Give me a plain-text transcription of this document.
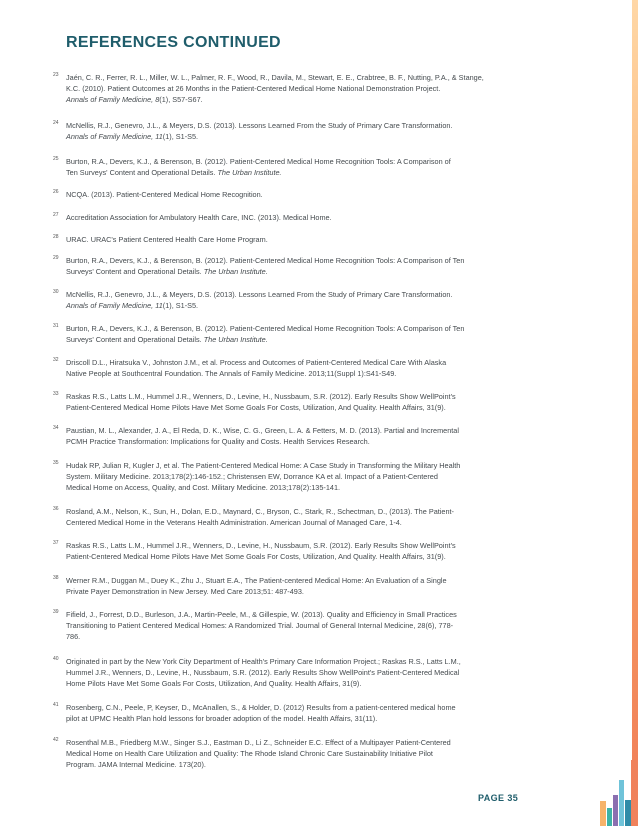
REFERENCES CONTINUED
23 Jaén, C. R., Ferrer, R. L., Miller, W. L., Palmer, R. F., Wood, R., Davila, M., Stewart, E. E., Crabtree, B. F., Nutting, P.A., & Stange,
K.C. (2010). Patient Outcomes at 26 Months in the Patient-Centered Medical Home National Demonstration Project.
Annals of Family Medicine, 8(1), S57-S67.
24 McNellis, R.J., Genevro, J.L., & Meyers, D.S. (2013). Lessons Learned From the Study of Primary Care Transformation.
Annals of Family Medicine, 11(1), S1-S5.
25 Burton, R.A., Devers, K.J., & Berenson, B. (2012). Patient-Centered Medical Home Recognition Tools: A Comparison of
Ten Surveys' Content and Operational Details. The Urban Institute.
26 NCQA. (2013). Patient-Centered Medical Home Recognition.
27 Accreditation Association for Ambulatory Health Care, INC. (2013). Medical Home.
28 URAC. URAC's Patient Centered Health Care Home Program.
29 Burton, R.A., Devers, K.J., & Berenson, B. (2012). Patient-Centered Medical Home Recognition Tools: A Comparison of Ten
Surveys' Content and Operational Details. The Urban Institute.
30 McNellis, R.J., Genevro, J.L., & Meyers, D.S. (2013). Lessons Learned From the Study of Primary Care Transformation.
Annals of Family Medicine, 11(1), S1-S5.
31 Burton, R.A., Devers, K.J., & Berenson, B. (2012). Patient-Centered Medical Home Recognition Tools: A Comparison of Ten
Surveys' Content and Operational Details. The Urban Institute.
32 Driscoll D.L., Hiratsuka V., Johnston J.M., et al. Process and Outcomes of Patient-Centered Medical Care With Alaska
Native People at Southcentral Foundation. The Annals of Family Medicine. 2013;11(Suppl 1):S41-S49.
33 Raskas R.S., Latts L.M., Hummel J.R., Wenners, D., Levine, H., Nussbaum, S.R. (2012). Early Results Show WellPoint's
Patient-Centered Medical Home Pilots Have Met Some Goals For Costs, Utilization, And Quality. Health Affairs, 31(9).
34 Paustian, M. L., Alexander, J. A., El Reda, D. K., Wise, C. G., Green, L. A. & Fetters, M. D. (2013). Partial and Incremental
PCMH Practice Transformation: Implications for Quality and Costs. Health Services Research.
35 Hudak RP, Julian R, Kugler J, et al. The Patient-Centered Medical Home: A Case Study in Transforming the Military Health
System. Military Medicine. 2013;178(2):146-152.; Christensen EW, Dorrance KA et al. Impact of a Patient-Centered
Medical Home on Access, Quality, and Cost. Military Medicine. 2013;178(2):135-141.
36 Rosland, A.M., Nelson, K., Sun, H., Dolan, E.D., Maynard, C., Bryson, C., Stark, R., Schectman, D., (2013). The Patient-
Centered Medical Home in the Veterans Health Administration. American Journal of Managed Care, 1-4.
37 Raskas R.S., Latts L.M., Hummel J.R., Wenners, D., Levine, H., Nussbaum, S.R. (2012). Early Results Show WellPoint's
Patient-Centered Medical Home Pilots Have Met Some Goals For Costs, Utilization, And Quality. Health Affairs, 31(9).
38 Werner R.M., Duggan M., Duey K., Zhu J., Stuart E.A., The Patient-centered Medical Home: An Evaluation of a Single
Private Payer Demonstration in New Jersey. Med Care 2013;51: 487-493.
39 Fifield, J., Forrest, D.D., Burleson, J.A., Martin-Peele, M., & Gillespie, W. (2013). Quality and Efficiency in Small Practices
Transitioning to Patient Centered Medical Homes: A Randomized Trial. Journal of General Internal Medicine, 28(6), 778-
786.
40 Originated in part by the New York City Department of Health's Primary Care Information Project.; Raskas R.S., Latts L.M.,
Hummel J.R., Wenners, D., Levine, H., Nussbaum, S.R. (2012). Early Results Show WellPoint's Patient-Centered Medical
Home Pilots Have Met Some Goals For Costs, Utilization, And Quality. Health Affairs, 31(9).
41 Rosenberg, C.N., Peele, P, Keyser, D., McAnallen, S., & Holder, D. (2012) Results from a patient-centered medical home
pilot at UPMC Health Plan hold lessons for broader adoption of the model. Health Affairs, 31(11).
42 Rosenthal M.B., Friedberg M.W., Singer S.J., Eastman D., Li Z., Schneider E.C. Effect of a Multipayer Patient-Centered
Medical Home on Health Care Utilization and Quality: The Rhode Island Chronic Care Sustainability Initiative Pilot
Program. JAMA Internal Medicine. 173(20).
PAGE 35
